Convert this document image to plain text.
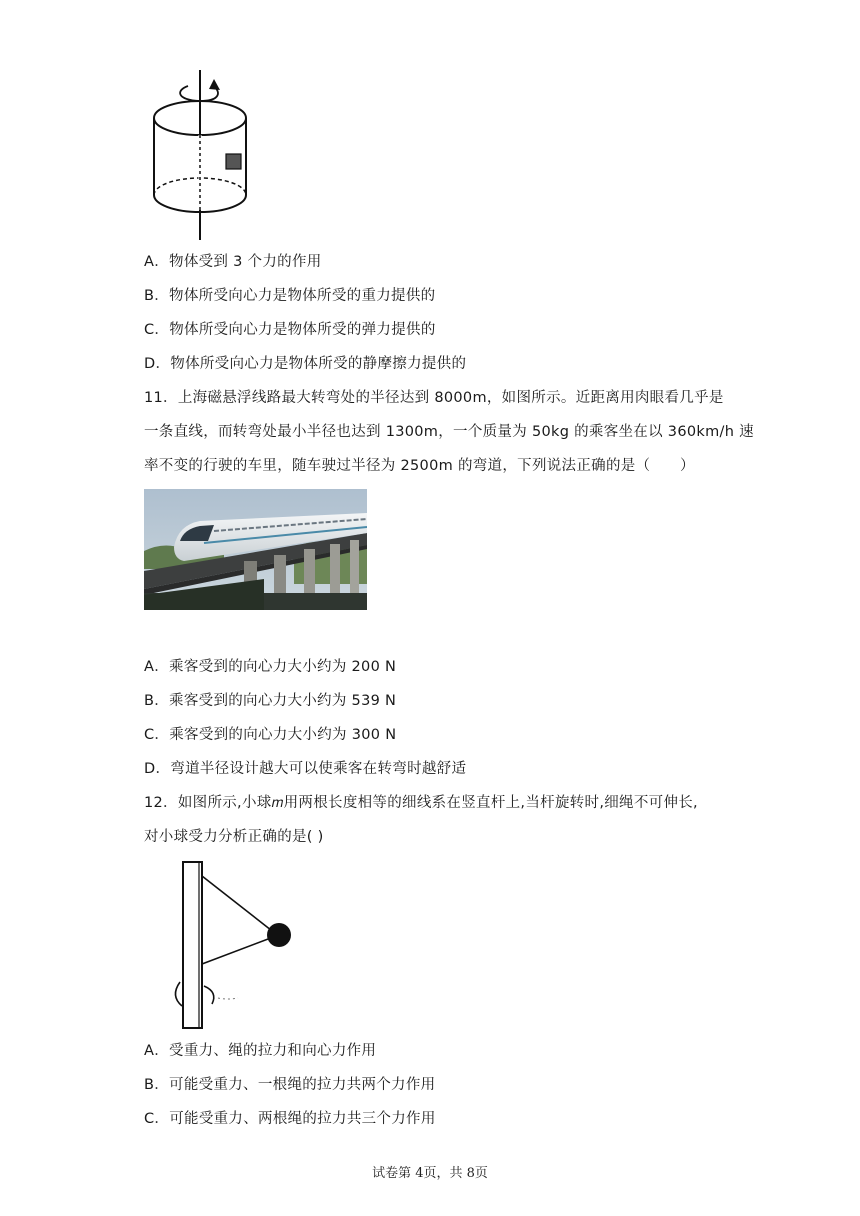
A．物体受到 3 个力的作用
B．物体所受向心力是物体所受的重力提供的
C．物体所受向心力是物体所受的弹力提供的
D．物体所受向心力是物体所受的静摩擦力提供的
11．上海磁悬浮线路最大转弯处的半径达到 8000m，如图所示。近距离用肉眼看几乎是
一条直线，而转弯处最小半径也达到 1300m，一个质量为 50kg 的乘客坐在以 360km/h 速
率不变的行驶的车里，随车驶过半径为 2500m 的弯道，下列说法正确的是（　　）
A．乘客受到的向心力大小约为 200 N
B．乘客受到的向心力大小约为 539 N
C．乘客受到的向心力大小约为 300 N
D．弯道半径设计越大可以使乘客在转弯时越舒适
12．如图所示,小球𝑚用两根长度相等的细线系在竖直杆上,当杆旋转时,细绳不可伸长,
对小球受力分析正确的是( )
A．受重力、绳的拉力和向心力作用
B．可能受重力、一根绳的拉力共两个力作用
C．可能受重力、两根绳的拉力共三个力作用
试卷第 4页，共 8页
